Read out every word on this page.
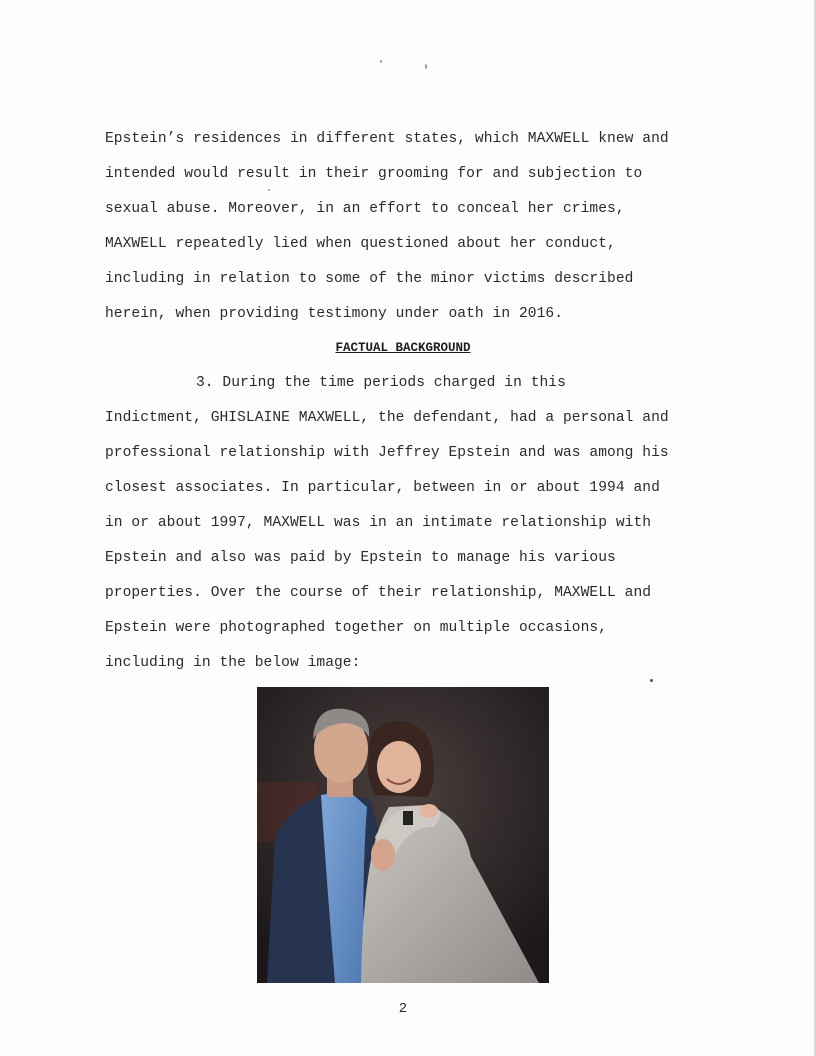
Epstein’s residences in different states, which MAXWELL knew and
intended would result in their grooming for and subjection to
sexual abuse. Moreover, in an effort to conceal her crimes,
MAXWELL repeatedly lied when questioned about her conduct,
including in relation to some of the minor victims described
herein, when providing testimony under oath in 2016.
FACTUAL BACKGROUND
3. During the time periods charged in this
Indictment, GHISLAINE MAXWELL, the defendant, had a personal and
professional relationship with Jeffrey Epstein and was among his
closest associates. In particular, between in or about 1994 and
in or about 1997, MAXWELL was in an intimate relationship with
Epstein and also was paid by Epstein to manage his various
properties. Over the course of their relationship, MAXWELL and
Epstein were photographed together on multiple occasions,
including in the below image:
2
